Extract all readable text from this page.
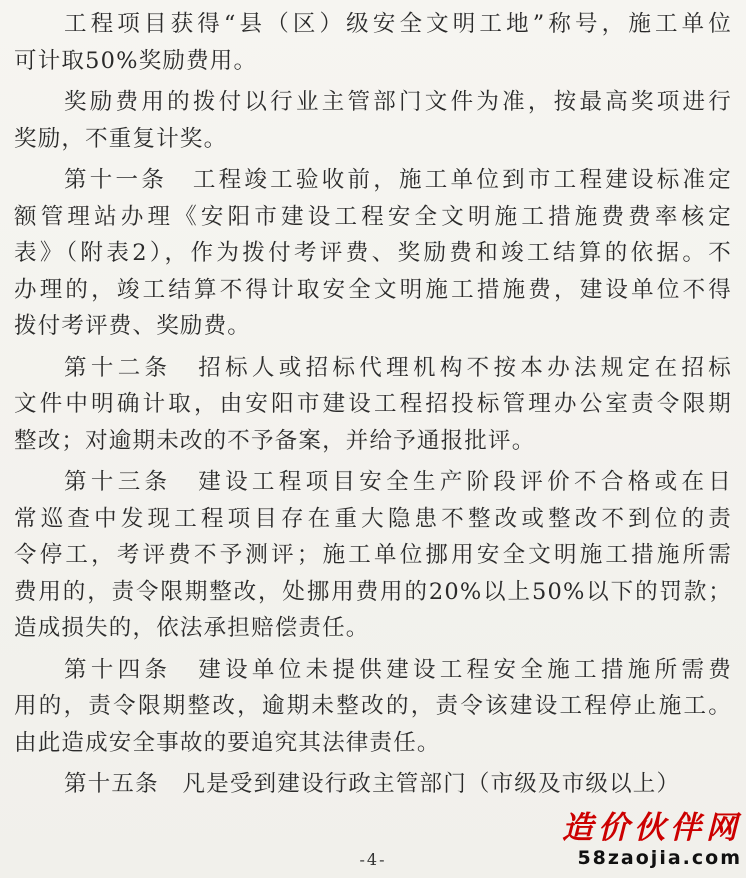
工程项目获得“县（区）级安全文明工地”称号，施工单位
可计取50%奖励费用。
奖励费用的拨付以行业主管部门文件为准，按最高奖项进行
奖励，不重复计奖。
第十一条　工程竣工验收前，施工单位到市工程建设标准定
额管理站办理《安阳市建设工程安全文明施工措施费费率核定
表》（附表2），作为拨付考评费、奖励费和竣工结算的依据。不
办理的，竣工结算不得计取安全文明施工措施费，建设单位不得
拨付考评费、奖励费。
第十二条　招标人或招标代理机构不按本办法规定在招标
文件中明确计取，由安阳市建设工程招投标管理办公室责令限期
整改；对逾期未改的不予备案，并给予通报批评。
第十三条　建设工程项目安全生产阶段评价不合格或在日
常巡查中发现工程项目存在重大隐患不整改或整改不到位的责
令停工，考评费不予测评；施工单位挪用安全文明施工措施所需
费用的，责令限期整改，处挪用费用的20%以上50%以下的罚款；
造成损失的，依法承担赔偿责任。
第十四条　建设单位未提供建设工程安全施工措施所需费
用的，责令限期整改，逾期未整改的，责令该建设工程停止施工。
由此造成安全事故的要追究其法律责任。
第十五条　凡是受到建设行政主管部门（市级及市级以上）
-4-
造价伙伴网
58zaojia.com
